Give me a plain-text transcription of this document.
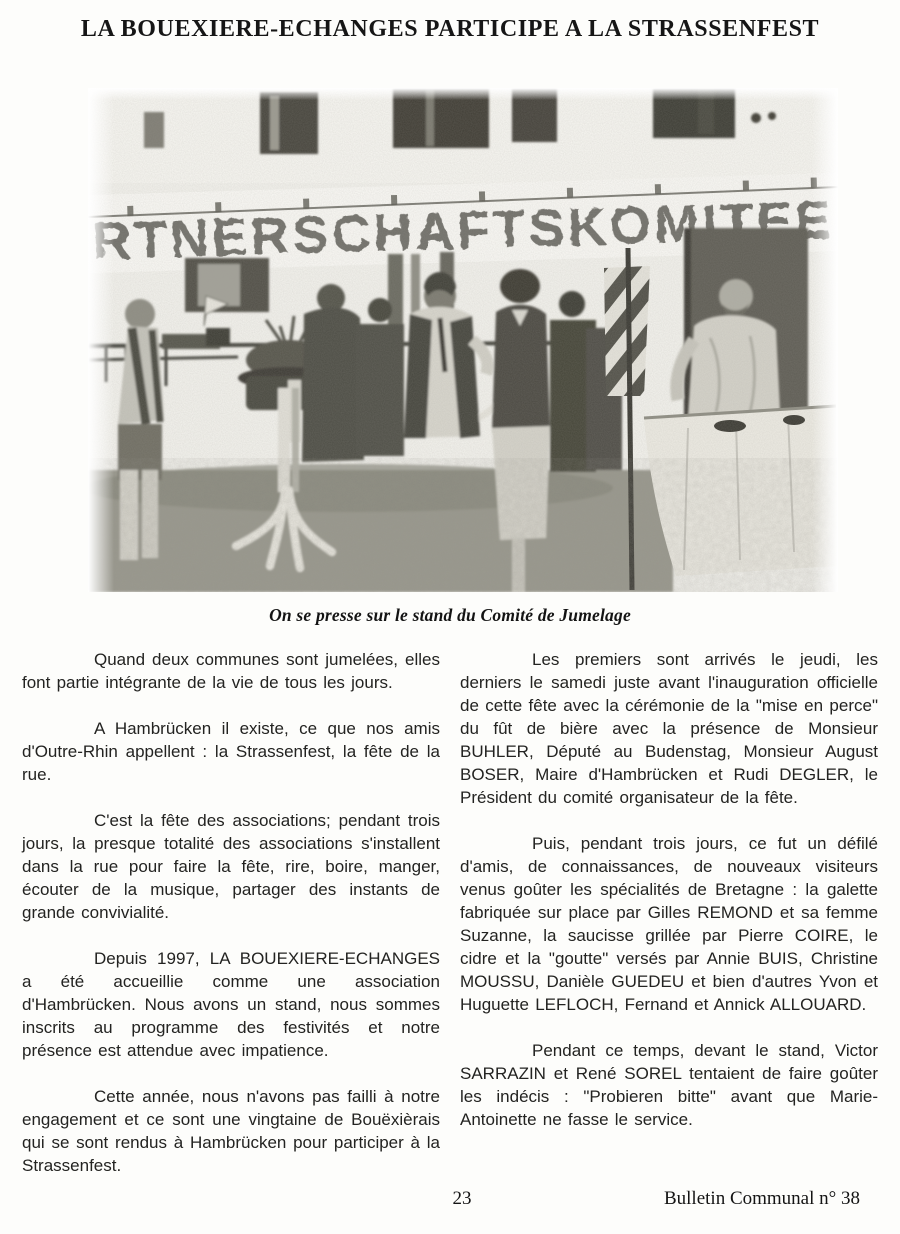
LA BOUEXIERE-ECHANGES PARTICIPE A LA STRASSENFEST
On se presse sur le stand du Comité de Jumelage

Quand deux communes sont jumelées, elles font partie intégrante de la vie de tous les jours.

A Hambrücken il existe, ce que nos amis d'Outre-Rhin appellent : la Strassenfest, la fête de la rue.

C'est la fête des associations; pendant trois jours, la presque totalité des associations s'installent dans la rue pour faire la fête, rire, boire, manger, écouter de la musique, partager des instants de grande convivialité.

Depuis 1997, LA BOUEXIERE-ECHANGES a été accueillie comme une association d'Hambrücken. Nous avons un stand, nous sommes inscrits au programme des festivités et notre présence est attendue avec impatience.

Cette année, nous n'avons pas failli à notre engagement et ce sont une vingtaine de Bouëxièrais qui se sont rendus à Hambrücken pour participer à la Strassenfest.

Les premiers sont arrivés le jeudi, les derniers le samedi juste avant l'inauguration officielle de cette fête avec la cérémonie de la "mise en perce" du fût de bière avec la présence de Monsieur BUHLER, Député au Budenstag, Monsieur August BOSER, Maire d'Hambrücken et Rudi DEGLER, le Président du comité organisateur de la fête.

Puis, pendant trois jours, ce fut un défilé d'amis, de connaissances, de nouveaux visiteurs venus goûter les spécialités de Bretagne : la galette fabriquée sur place par Gilles REMOND et sa femme Suzanne, la saucisse grillée par Pierre COIRE, le cidre et la "goutte" versés par Annie BUIS, Christine MOUSSU, Danièle GUEDEU et bien d'autres Yvon et Huguette LEFLOCH, Fernand et Annick ALLOUARD.

Pendant ce temps, devant le stand, Victor SARRAZIN et René SOREL tentaient de faire goûter les indécis : "Probieren bitte" avant que Marie-Antoinette ne fasse le service.

23	Bulletin Communal n° 38
